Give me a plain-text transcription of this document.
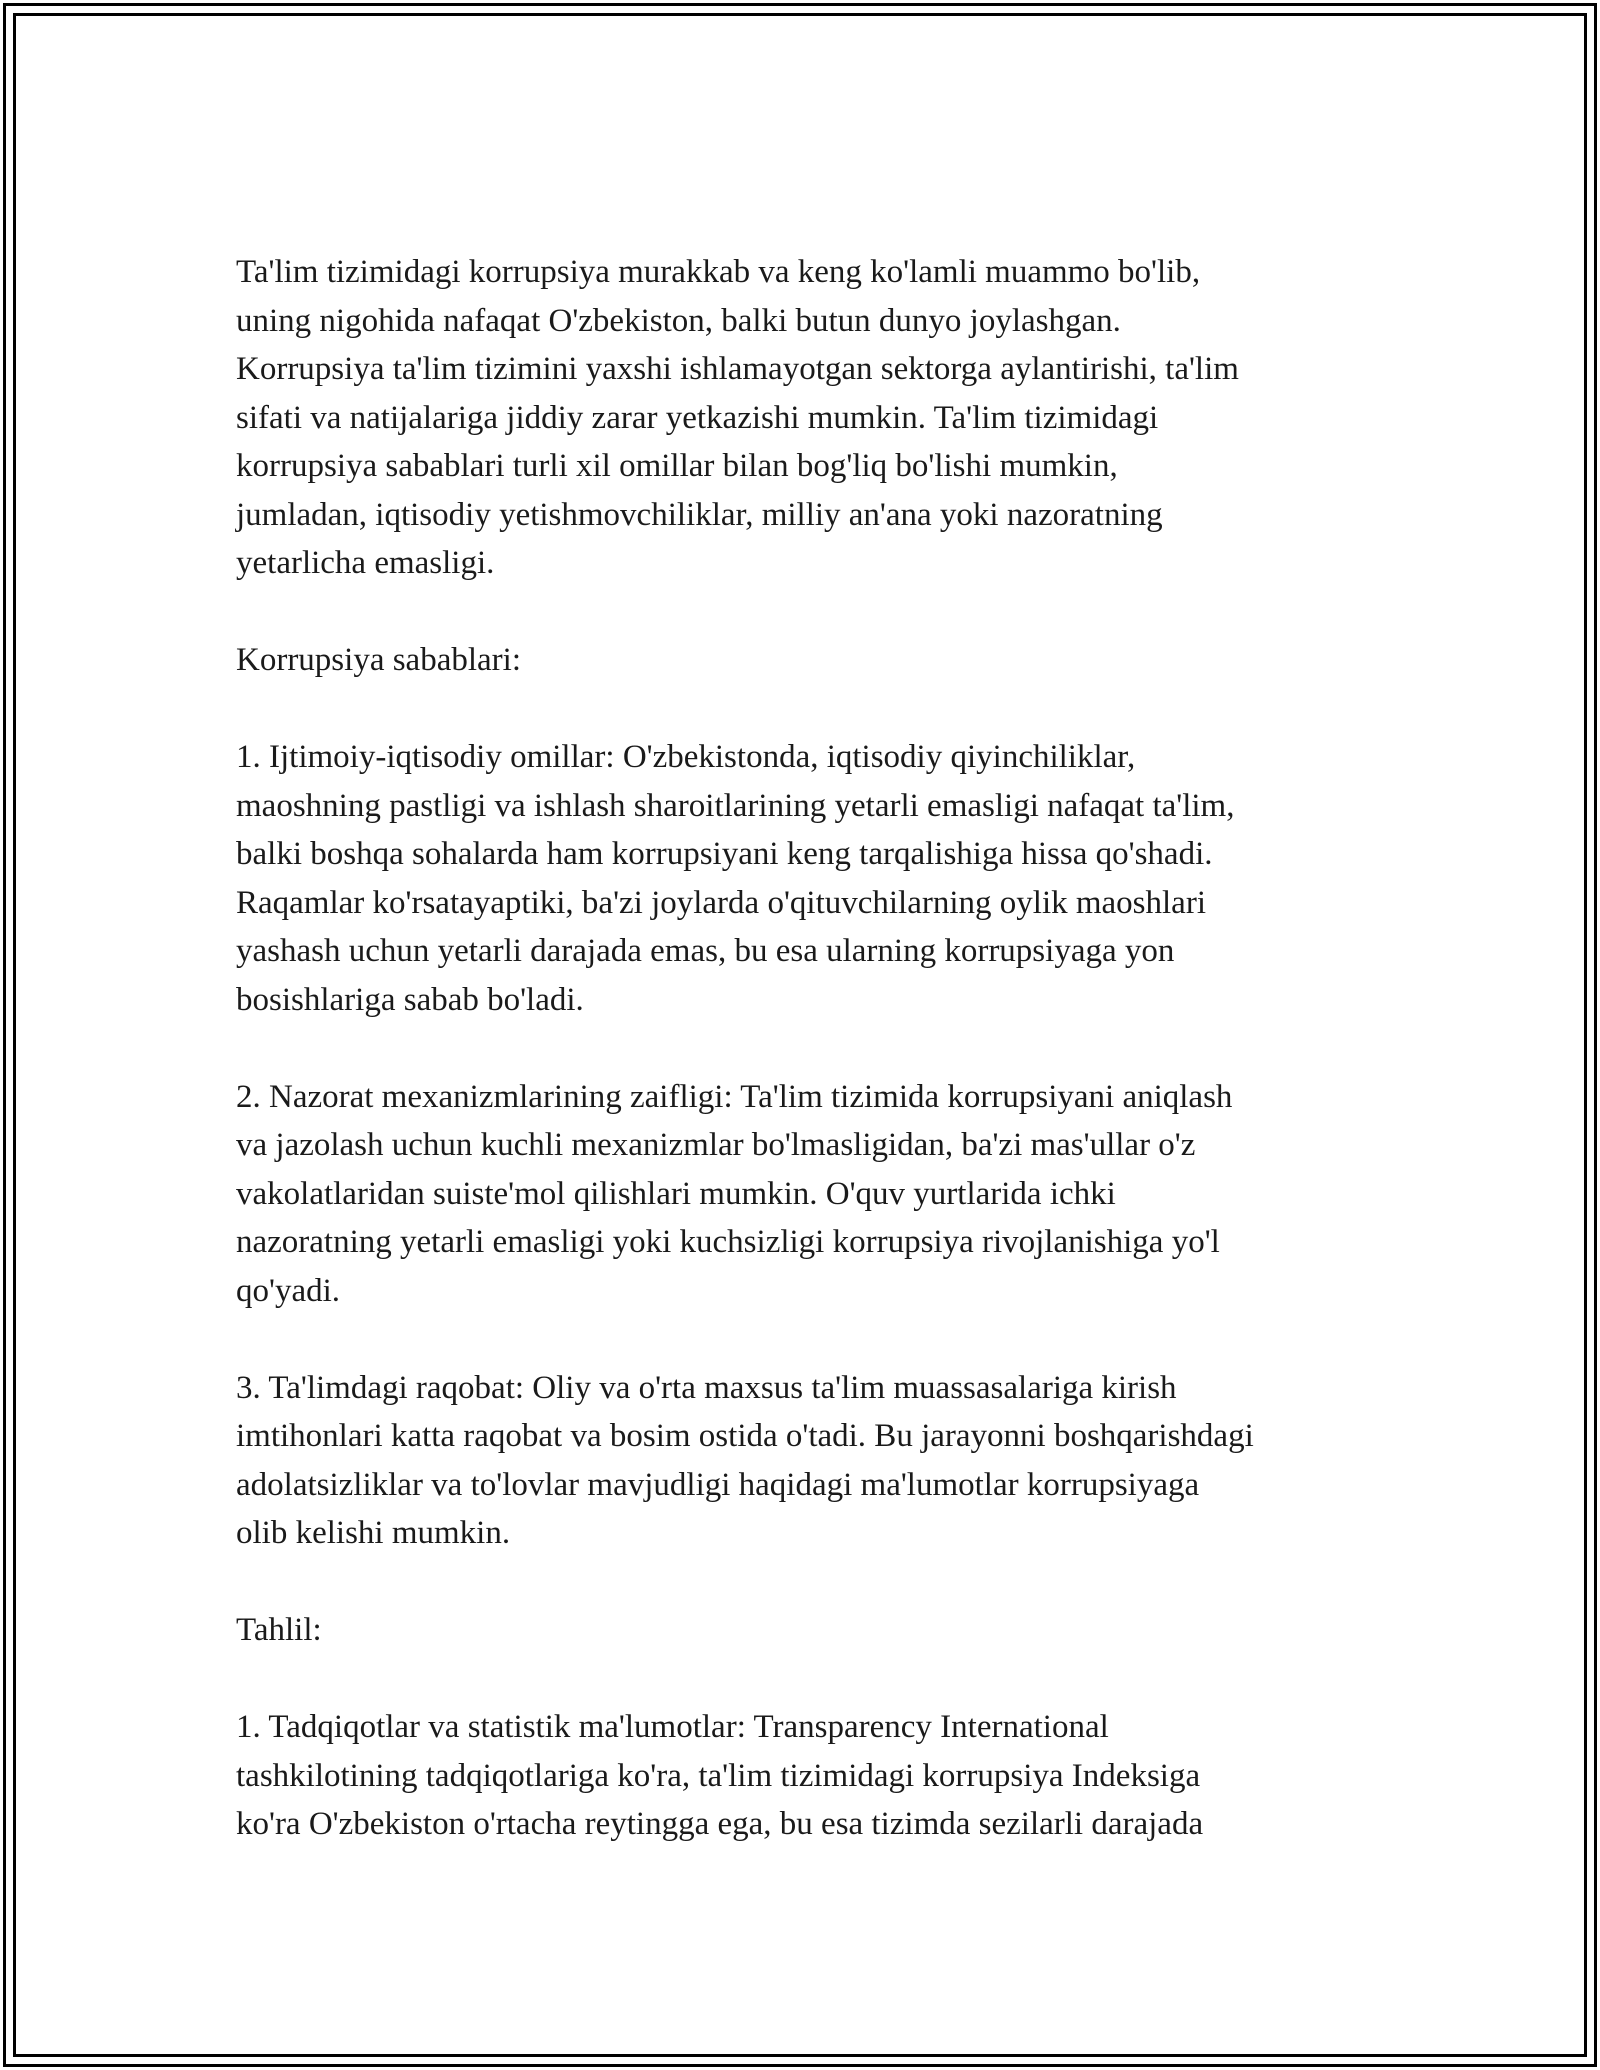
Ta'lim tizimidagi korrupsiya murakkab va keng ko'lamli muammo bo'lib,
uning nigohida nafaqat O'zbekiston, balki butun dunyo joylashgan.
Korrupsiya ta'lim tizimini yaxshi ishlamayotgan sektorga aylantirishi, ta'lim
sifati va natijalariga jiddiy zarar yetkazishi mumkin. Ta'lim tizimidagi
korrupsiya sabablari turli xil omillar bilan bog'liq bo'lishi mumkin,
jumladan, iqtisodiy yetishmovchiliklar, milliy an'ana yoki nazoratning
yetarlicha emasligi.
Korrupsiya sabablari:
1. Ijtimoiy-iqtisodiy omillar: O'zbekistonda, iqtisodiy qiyinchiliklar,
maoshning pastligi va ishlash sharoitlarining yetarli emasligi nafaqat ta'lim,
balki boshqa sohalarda ham korrupsiyani keng tarqalishiga hissa qo'shadi.
Raqamlar ko'rsatayaptiki, ba'zi joylarda o'qituvchilarning oylik maoshlari
yashash uchun yetarli darajada emas, bu esa ularning korrupsiyaga yon
bosishlariga sabab bo'ladi.
2. Nazorat mexanizmlarining zaifligi: Ta'lim tizimida korrupsiyani aniqlash
va jazolash uchun kuchli mexanizmlar bo'lmasligidan, ba'zi mas'ullar o'z
vakolatlaridan suiste'mol qilishlari mumkin. O'quv yurtlarida ichki
nazoratning yetarli emasligi yoki kuchsizligi korrupsiya rivojlanishiga yo'l
qo'yadi.
3. Ta'limdagi raqobat: Oliy va o'rta maxsus ta'lim muassasalariga kirish
imtihonlari katta raqobat va bosim ostida o'tadi. Bu jarayonni boshqarishdagi
adolatsizliklar va to'lovlar mavjudligi haqidagi ma'lumotlar korrupsiyaga
olib kelishi mumkin.
Tahlil:
1. Tadqiqotlar va statistik ma'lumotlar: Transparency International
tashkilotining tadqiqotlariga ko'ra, ta'lim tizimidagi korrupsiya Indeksiga
ko'ra O'zbekiston o'rtacha reytingga ega, bu esa tizimda sezilarli darajada
